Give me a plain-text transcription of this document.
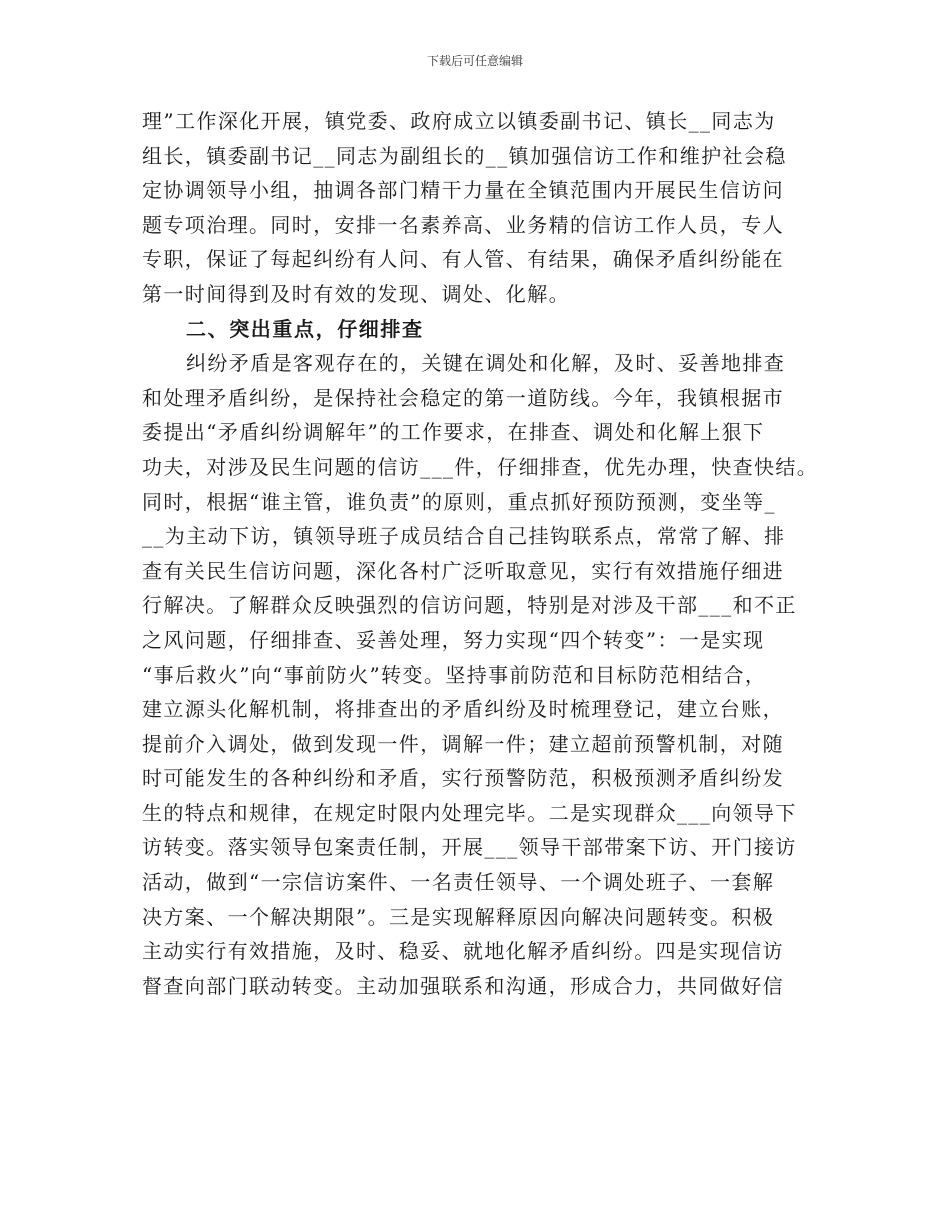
下载后可任意编辑
理”工作深化开展，镇党委、政府成立以镇委副书记、镇长__同志为
组长，镇委副书记__同志为副组长的__镇加强信访工作和维护社会稳
定协调领导小组，抽调各部门精干力量在全镇范围内开展民生信访问
题专项治理。同时，安排一名素养高、业务精的信访工作人员，专人
专职，保证了每起纠纷有人问、有人管、有结果，确保矛盾纠纷能在
第一时间得到及时有效的发现、调处、化解。
二、突出重点，仔细排查
纠纷矛盾是客观存在的，关键在调处和化解，及时、妥善地排查
和处理矛盾纠纷，是保持社会稳定的第一道防线。今年，我镇根据市
委提出“矛盾纠纷调解年”的工作要求，在排查、调处和化解上狠下
功夫，对涉及民生问题的信访___件，仔细排查，优先办理，快查快结。
同时，根据“谁主管，谁负责”的原则，重点抓好预防预测，变坐等_
__为主动下访，镇领导班子成员结合自己挂钩联系点，常常了解、排
查有关民生信访问题，深化各村广泛听取意见，实行有效措施仔细进
行解决。了解群众反映强烈的信访问题，特别是对涉及干部___和不正
之风问题，仔细排查、妥善处理，努力实现“四个转变”：一是实现
“事后救火”向“事前防火”转变。坚持事前防范和目标防范相结合，
建立源头化解机制，将排查出的矛盾纠纷及时梳理登记，建立台账，
提前介入调处，做到发现一件，调解一件；建立超前预警机制，对随
时可能发生的各种纠纷和矛盾，实行预警防范，积极预测矛盾纠纷发
生的特点和规律，在规定时限内处理完毕。二是实现群众___向领导下
访转变。落实领导包案责任制，开展___领导干部带案下访、开门接访
活动，做到“一宗信访案件、一名责任领导、一个调处班子、一套解
决方案、一个解决期限”。三是实现解释原因向解决问题转变。积极
主动实行有效措施，及时、稳妥、就地化解矛盾纠纷。四是实现信访
督查向部门联动转变。主动加强联系和沟通，形成合力，共同做好信
